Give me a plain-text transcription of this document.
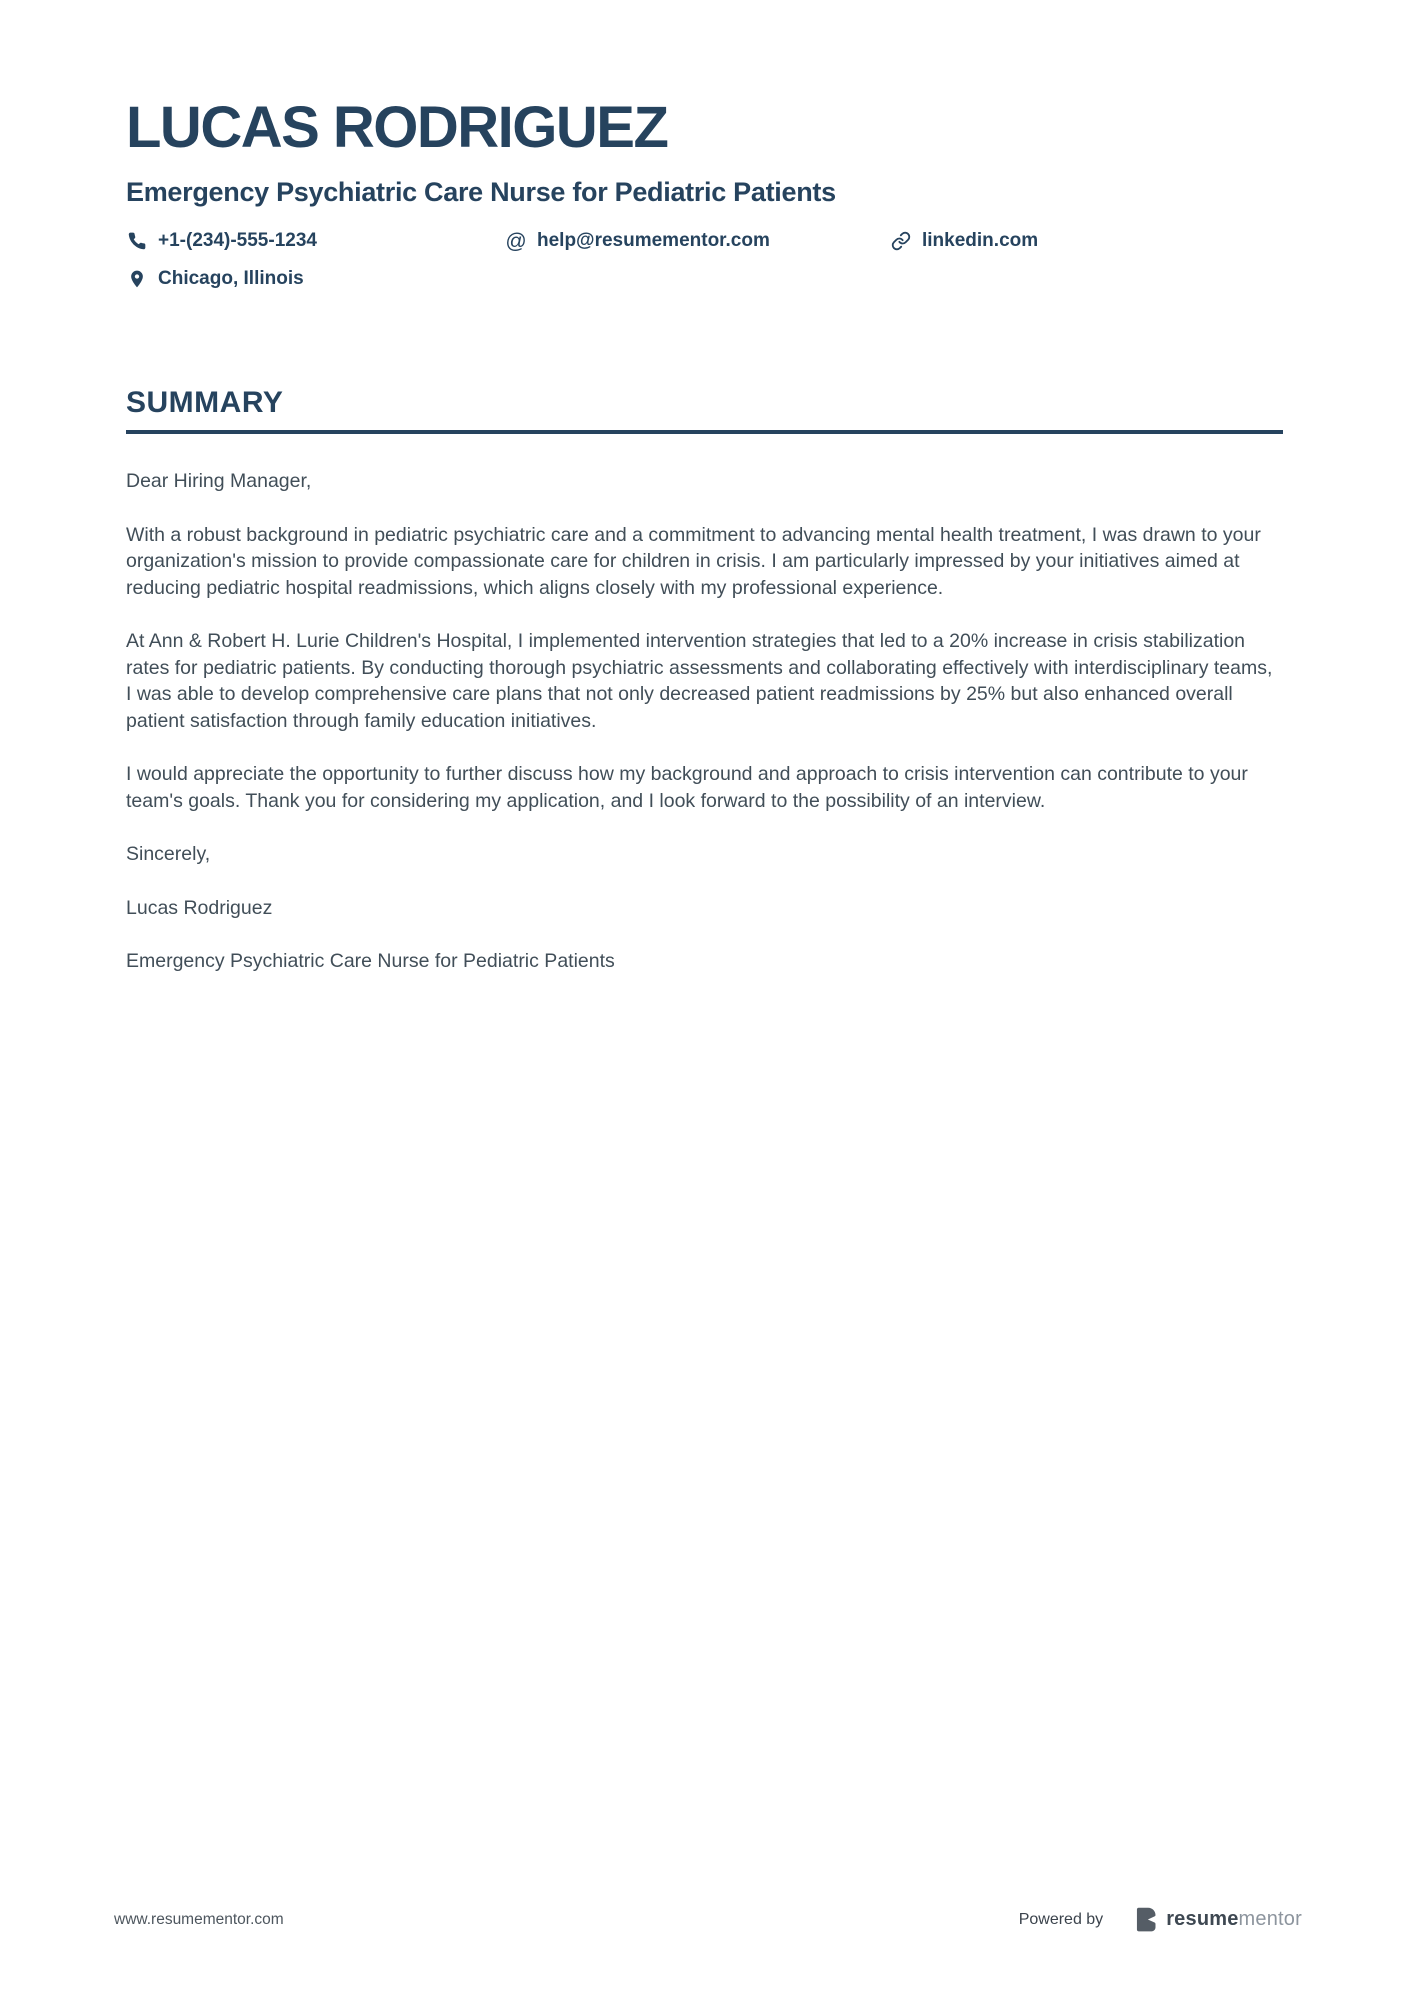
LUCAS RODRIGUEZ
Emergency Psychiatric Care Nurse for Pediatric Patients
+1-(234)-555-1234	@ help@resumementor.com	linkedin.com
Chicago, Illinois
SUMMARY

Dear Hiring Manager,

With a robust background in pediatric psychiatric care and a commitment to advancing mental health treatment, I was drawn to your organization's mission to provide compassionate care for children in crisis. I am particularly impressed by your initiatives aimed at reducing pediatric hospital readmissions, which aligns closely with my professional experience.

At Ann & Robert H. Lurie Children's Hospital, I implemented intervention strategies that led to a 20% increase in crisis stabilization rates for pediatric patients. By conducting thorough psychiatric assessments and collaborating effectively with interdisciplinary teams, I was able to develop comprehensive care plans that not only decreased patient readmissions by 25% but also enhanced overall patient satisfaction through family education initiatives.

I would appreciate the opportunity to further discuss how my background and approach to crisis intervention can contribute to your team's goals. Thank you for considering my application, and I look forward to the possibility of an interview.

Sincerely,

Lucas Rodriguez

Emergency Psychiatric Care Nurse for Pediatric Patients

www.resumementor.com	Powered by	resumementor
